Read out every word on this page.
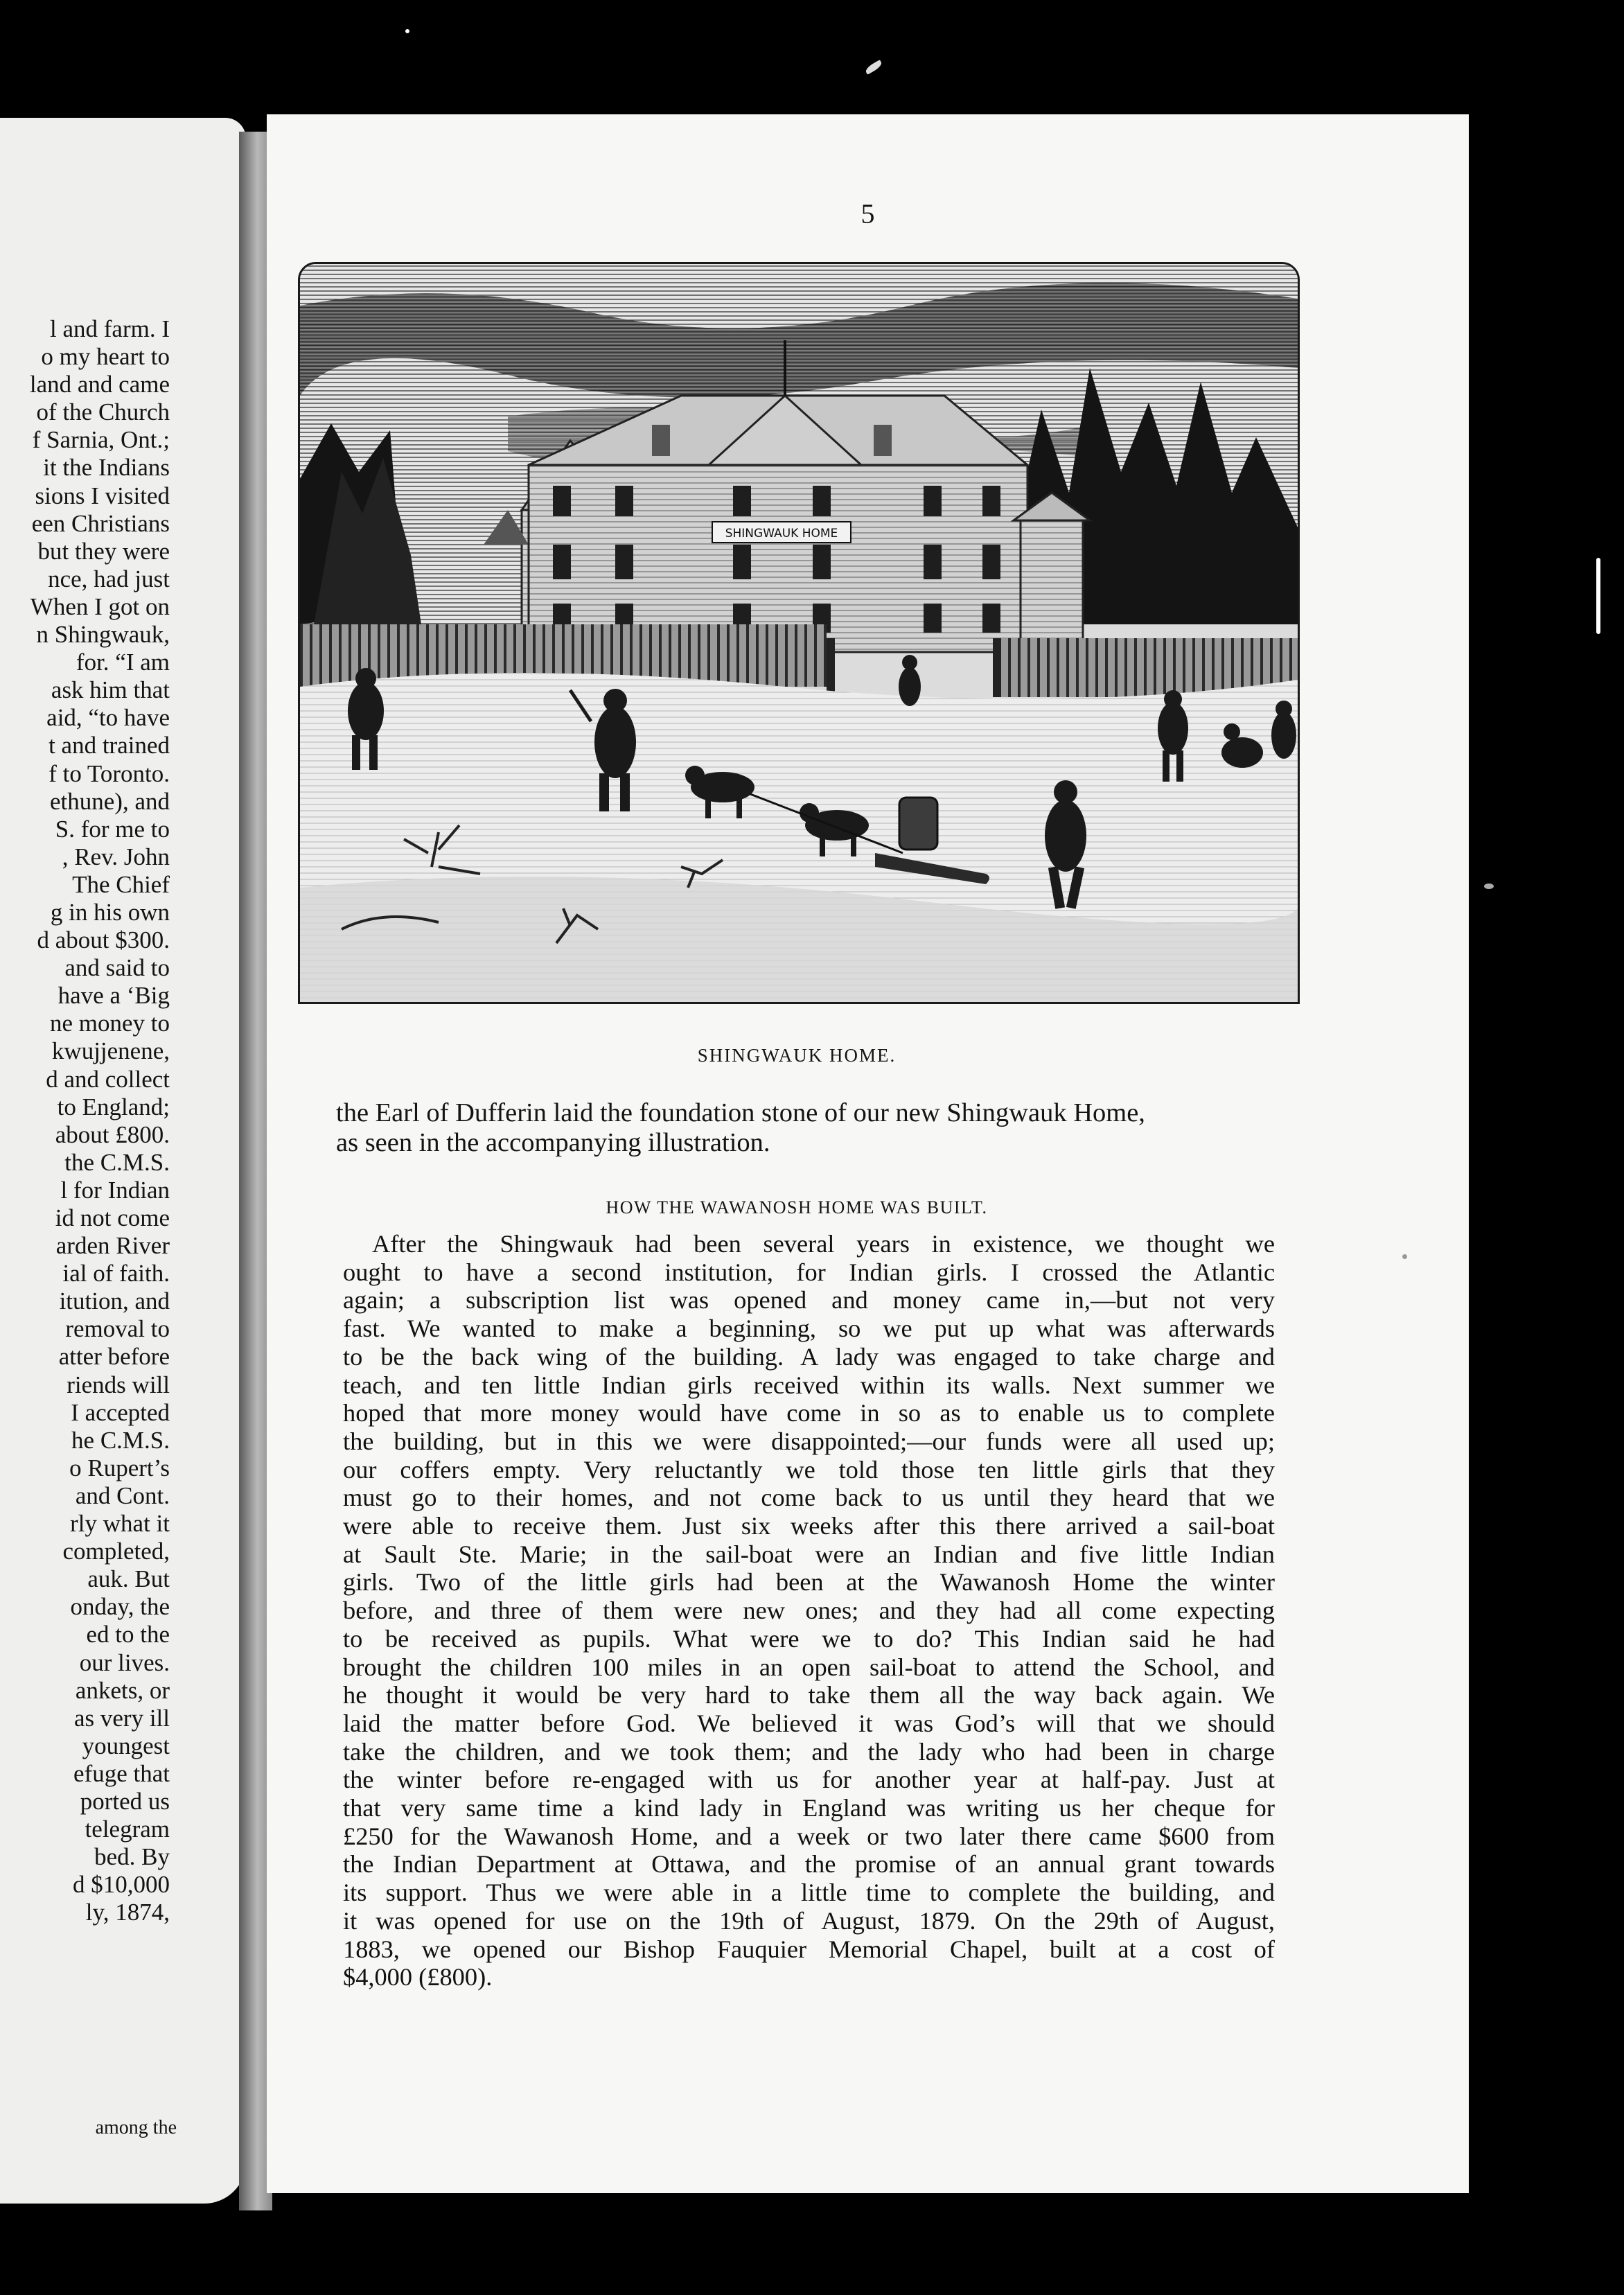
l and farm. I
o my heart to
land and came
of the Church
f Sarnia, Ont.;
it the Indians
sions I visited
een Christians
but they were
nce, had just
When I got on
n Shingwauk,
for. “I am
ask him that
aid, “to have
t and trained
f to Toronto.
ethune), and
S. for me to
, Rev. John
The Chief
g in his own
d about $300.
and said to
have a ‘Big
ne money to
kwujjenene,
d and collect
to England;
about £800.
the C.M.S.
l for Indian
id not come
arden River
ial of faith.
itution, and
removal to
atter before
riends will
I accepted
he C.M.S.
o Rupert’s
and Cont.
rly what it
completed,
auk. But
onday, the
ed to the
our lives.
ankets, or
as very ill
youngest
efuge that
ported us
telegram
bed. By
d $10,000
ly, 1874,
among the
5
SHINGWAUK HOME
SHINGWAUK HOME.
the Earl of Dufferin laid the foundation stone of our new Shingwauk Home,
as seen in the accompanying illustration.
HOW THE WAWANOSH HOME WAS BUILT.
After the Shingwauk had been several years in existence, we thought we
ought to have a second institution, for Indian girls. I crossed the Atlantic
again; a subscription list was opened and money came in,—but not very
fast. We wanted to make a beginning, so we put up what was afterwards
to be the back wing of the building. A lady was engaged to take charge and
teach, and ten little Indian girls received within its walls. Next summer we
hoped that more money would have come in so as to enable us to complete
the building, but in this we were disappointed;—our funds were all used up;
our coffers empty. Very reluctantly we told those ten little girls that they
must go to their homes, and not come back to us until they heard that we
were able to receive them. Just six weeks after this there arrived a sail-boat
at Sault Ste. Marie; in the sail-boat were an Indian and five little Indian
girls. Two of the little girls had been at the Wawanosh Home the winter
before, and three of them were new ones; and they had all come expecting
to be received as pupils. What were we to do? This Indian said he had
brought the children 100 miles in an open sail-boat to attend the School, and
he thought it would be very hard to take them all the way back again. We
laid the matter before God. We believed it was God’s will that we should
take the children, and we took them; and the lady who had been in charge
the winter before re-engaged with us for another year at half-pay. Just at
that very same time a kind lady in England was writing us her cheque for
£250 for the Wawanosh Home, and a week or two later there came $600 from
the Indian Department at Ottawa, and the promise of an annual grant towards
its support. Thus we were able in a little time to complete the building, and
it was opened for use on the 19th of August, 1879. On the 29th of August,
1883, we opened our Bishop Fauquier Memorial Chapel, built at a cost of
$4,000 (£800).
